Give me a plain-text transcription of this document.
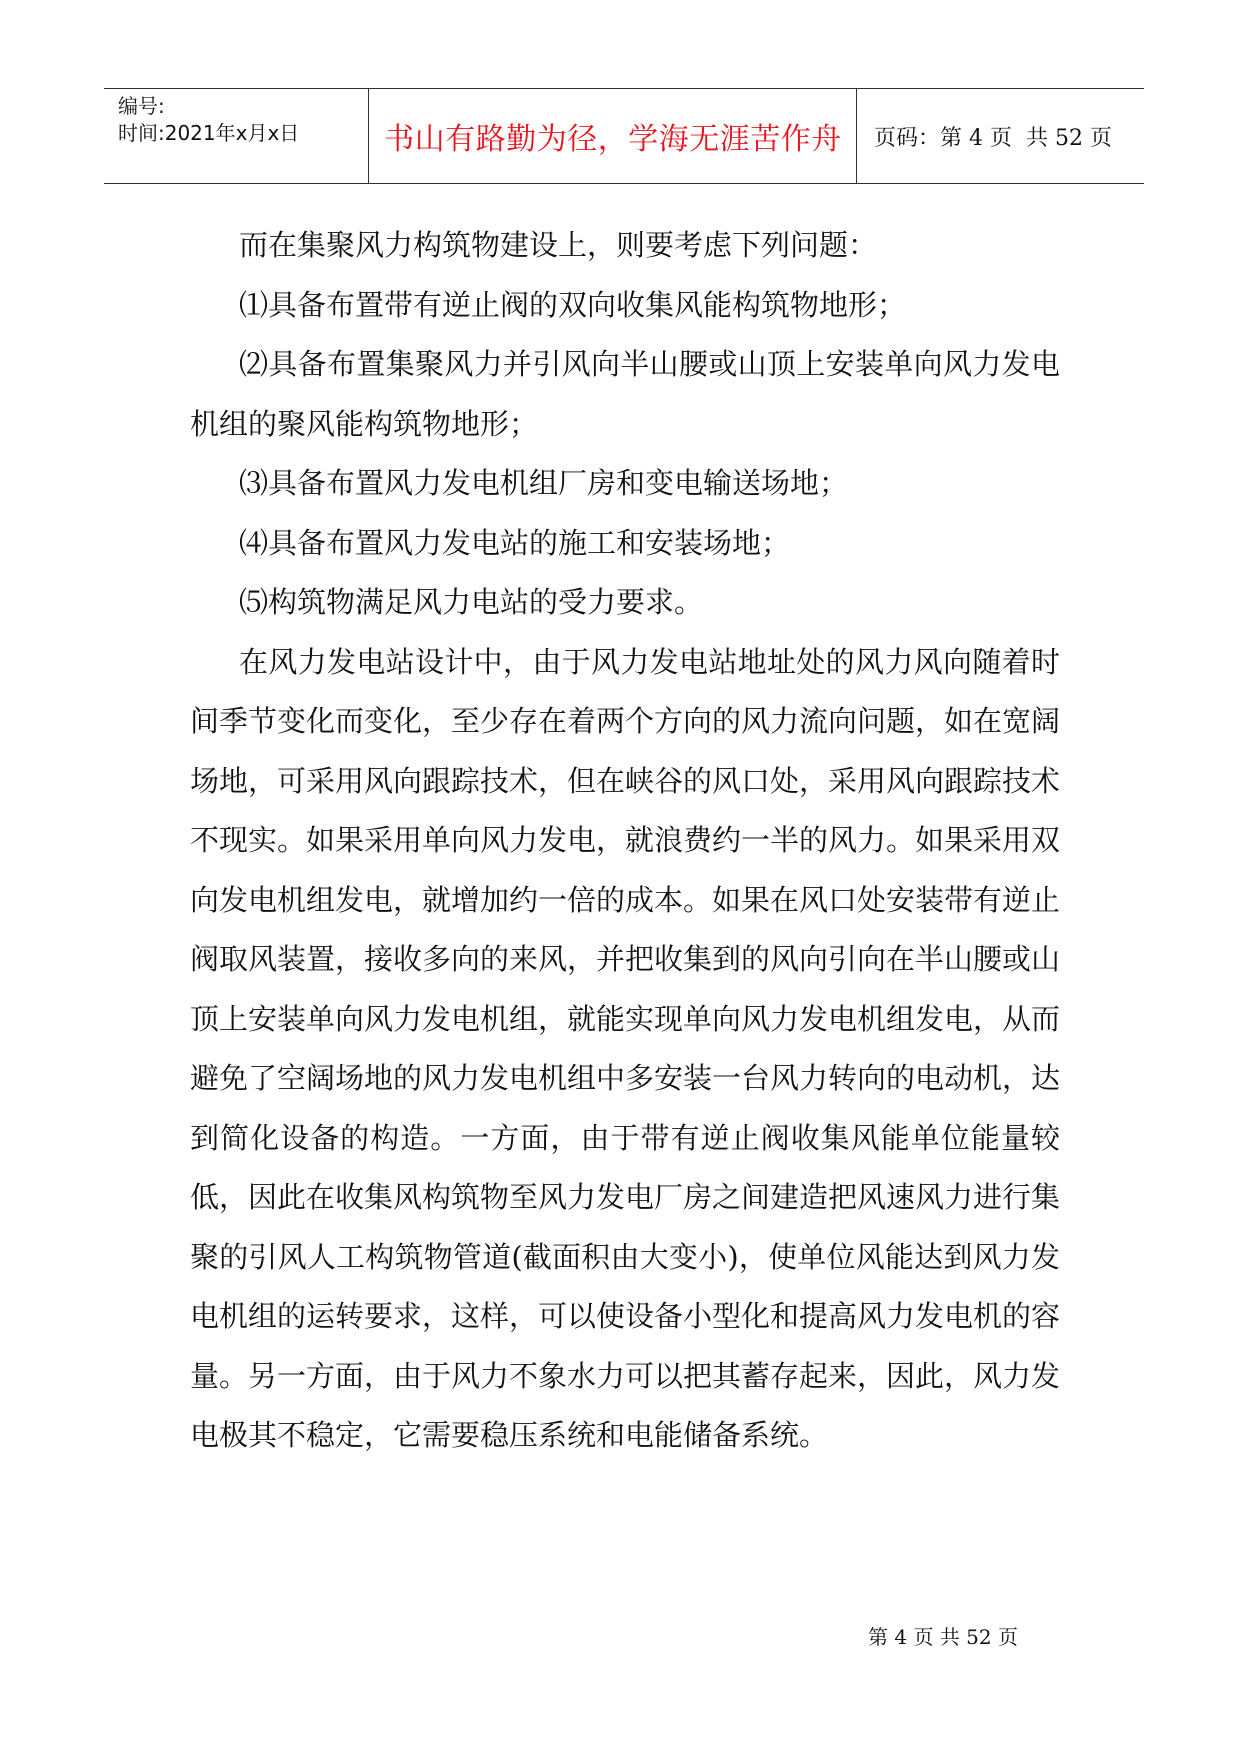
编号:
时间:2021年x月x日	书山有路勤为径，学海无涯苦作舟	页码：第 4 页  共 52 页

而在集聚风力构筑物建设上，则要考虑下列问题：

⑴具备布置带有逆止阀的双向收集风能构筑物地形；

⑵具备布置集聚风力并引风向半山腰或山顶上安装单向风力发电机组的聚风能构筑物地形；

⑶具备布置风力发电机组厂房和变电输送场地；

⑷具备布置风力发电站的施工和安装场地；

⑸构筑物满足风力电站的受力要求。

在风力发电站设计中，由于风力发电站地址处的风力风向随着时间季节变化而变化，至少存在着两个方向的风力流向问题，如在宽阔场地，可采用风向跟踪技术，但在峡谷的风口处，采用风向跟踪技术不现实。如果采用单向风力发电，就浪费约一半的风力。如果采用双向发电机组发电，就增加约一倍的成本。如果在风口处安装带有逆止阀取风装置，接收多向的来风，并把收集到的风向引向在半山腰或山顶上安装单向风力发电机组，就能实现单向风力发电机组发电，从而避免了空阔场地的风力发电机组中多安装一台风力转向的电动机，达到简化设备的构造。一方面，由于带有逆止阀收集风能单位能量较低，因此在收集风构筑物至风力发电厂房之间建造把风速风力进行集聚的引风人工构筑物管道(截面积由大变小)，使单位风能达到风力发电机组的运转要求，这样，可以使设备小型化和提高风力发电机的容量。另一方面，由于风力不象水力可以把其蓄存起来，因此，风力发电极其不稳定，它需要稳压系统和电能储备系统。

第 4 页 共 52 页
